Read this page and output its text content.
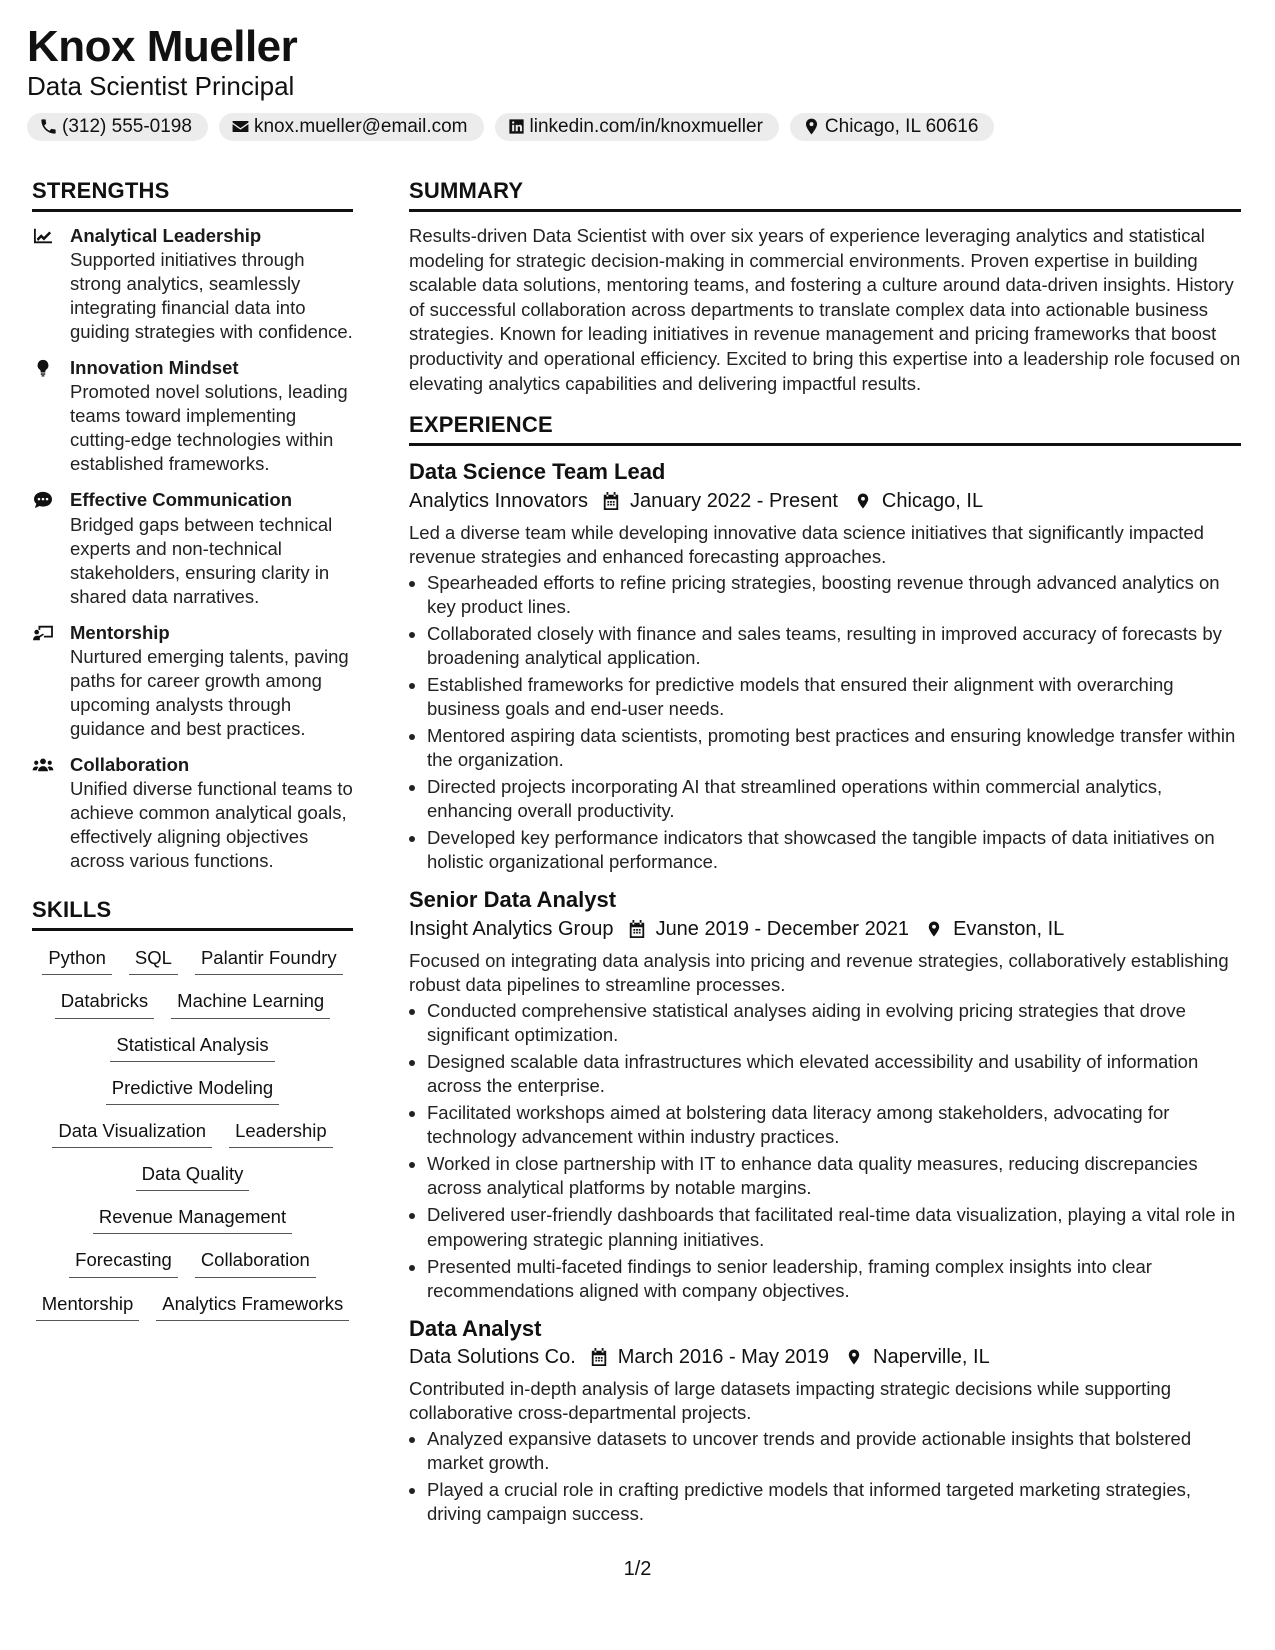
Knox Mueller
Data Scientist Principal
(312) 555-0198	knox.mueller@email.com	linkedin.com/in/knoxmueller	Chicago, IL 60616
STRENGTHS
Analytical Leadership

Supported initiatives through strong analytics, seamlessly integrating financial data into guiding strategies with confidence.

Innovation Mindset

Promoted novel solutions, leading teams toward implementing cutting-edge technologies within established frameworks.

Effective Communication

Bridged gaps between technical experts and non-technical stakeholders, ensuring clarity in shared data narratives.

Mentorship

Nurtured emerging talents, paving paths for career growth among upcoming analysts through guidance and best practices.

Collaboration

Unified diverse functional teams to achieve common analytical goals, effectively aligning objectives across various functions.

SKILLS
Python	SQL	Palantir Foundry
Databricks	Machine Learning
Statistical Analysis
Predictive Modeling
Data Visualization	Leadership
Data Quality
Revenue Management
Forecasting	Collaboration
Mentorship	Analytics Frameworks
SUMMARY

Results-driven Data Scientist with over six years of experience leveraging analytics and statistical modeling for strategic decision-making in commercial environments. Proven expertise in building scalable data solutions, mentoring teams, and fostering a culture around data-driven insights. History of successful collaboration across departments to translate complex data into actionable business strategies. Known for leading initiatives in revenue management and pricing frameworks that boost productivity and operational efficiency. Excited to bring this expertise into a leadership role focused on elevating analytics capabilities and delivering impactful results.

EXPERIENCE
Data Science Team Lead
Analytics Innovators January 2022 - Present Chicago, IL

Led a diverse team while developing innovative data science initiatives that significantly impacted revenue strategies and enhanced forecasting approaches.

• Spearheaded efforts to refine pricing strategies, boosting revenue through advanced analytics on key product lines.
• Collaborated closely with finance and sales teams, resulting in improved accuracy of forecasts by broadening analytical application.
• Established frameworks for predictive models that ensured their alignment with overarching business goals and end-user needs.
• Mentored aspiring data scientists, promoting best practices and ensuring knowledge transfer within the organization.
• Directed projects incorporating AI that streamlined operations within commercial analytics, enhancing overall productivity.
• Developed key performance indicators that showcased the tangible impacts of data initiatives on holistic organizational performance.
Senior Data Analyst
Insight Analytics Group June 2019 - December 2021 Evanston, IL

Focused on integrating data analysis into pricing and revenue strategies, collaboratively establishing robust data pipelines to streamline processes.

• Conducted comprehensive statistical analyses aiding in evolving pricing strategies that drove significant optimization.
• Designed scalable data infrastructures which elevated accessibility and usability of information across the enterprise.
• Facilitated workshops aimed at bolstering data literacy among stakeholders, advocating for technology advancement within industry practices.
• Worked in close partnership with IT to enhance data quality measures, reducing discrepancies across analytical platforms by notable margins.
• Delivered user-friendly dashboards that facilitated real-time data visualization, playing a vital role in empowering strategic planning initiatives.
• Presented multi-faceted findings to senior leadership, framing complex insights into clear recommendations aligned with company objectives.
Data Analyst
Data Solutions Co. March 2016 - May 2019 Naperville, IL

Contributed in-depth analysis of large datasets impacting strategic decisions while supporting collaborative cross-departmental projects.

• Analyzed expansive datasets to uncover trends and provide actionable insights that bolstered market growth.
• Played a crucial role in crafting predictive models that informed targeted marketing strategies, driving campaign success.
1/2
